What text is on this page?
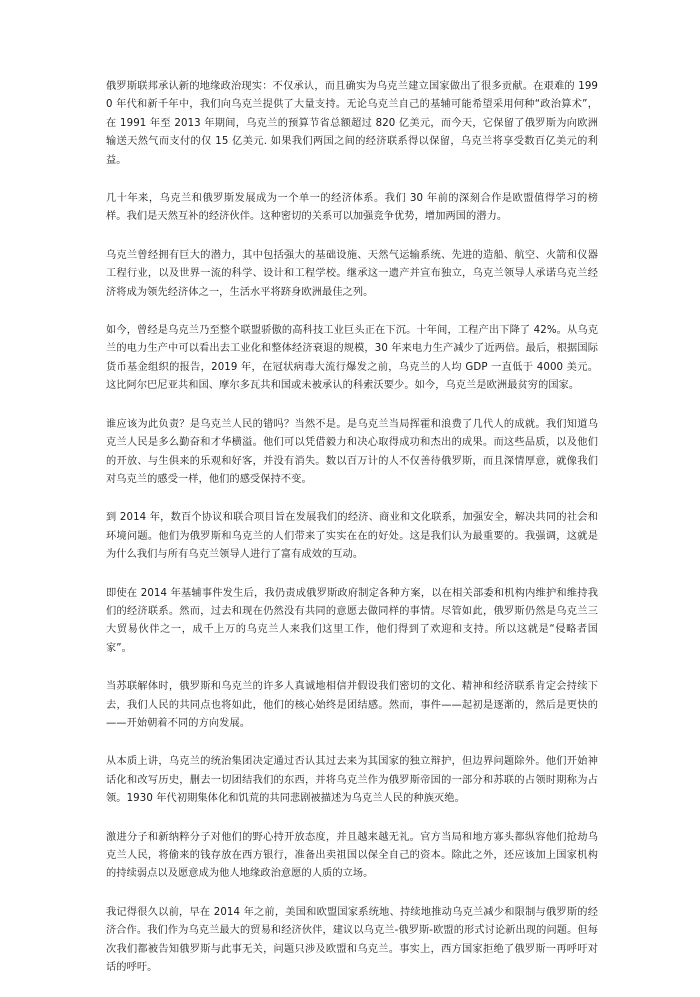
俄罗斯联邦承认新的地缘政治现实：不仅承认，而且确实为乌克兰建立国家做出了很多贡献。在艰难的 1990 年代和新千年中，我们向乌克兰提供了大量支持。无论乌克兰自己的基辅可能希望采用何种“政治算术”，在 1991 年至 2013 年期间，乌克兰的预算节省总额超过 820 亿美元，而今天，它保留了俄罗斯为向欧洲输送天然气而支付的仅 15 亿美元. 如果我们两国之间的经济联系得以保留，乌克兰将享受数百亿美元的利益。

几十年来，乌克兰和俄罗斯发展成为一个单一的经济体系。我们 30 年前的深刻合作是欧盟值得学习的榜样。我们是天然互补的经济伙伴。这种密切的关系可以加强竞争优势，增加两国的潜力。

乌克兰曾经拥有巨大的潜力，其中包括强大的基础设施、天然气运输系统、先进的造船、航空、火箭和仪器工程行业，以及世界一流的科学、设计和工程学校。继承这一遗产并宣布独立，乌克兰领导人承诺乌克兰经济将成为领先经济体之一，生活水平将跻身欧洲最佳之列。

如今，曾经是乌克兰乃至整个联盟骄傲的高科技工业巨头正在下沉。十年间，工程产出下降了 42%。从乌克兰的电力生产中可以看出去工业化和整体经济衰退的规模，30 年来电力生产减少了近两倍。最后，根据国际货币基金组织的报告，2019 年，在冠状病毒大流行爆发之前，乌克兰的人均 GDP 一直低于 4000 美元。这比阿尔巴尼亚共和国、摩尔多瓦共和国或未被承认的科索沃要少。如今，乌克兰是欧洲最贫穷的国家。

谁应该为此负责？是乌克兰人民的错吗？当然不是。是乌克兰当局挥霍和浪费了几代人的成就。我们知道乌克兰人民是多么勤奋和才华横溢。他们可以凭借毅力和决心取得成功和杰出的成果。而这些品质，以及他们的开放、与生俱来的乐观和好客，并没有消失。数以百万计的人不仅善待俄罗斯，而且深情厚意，就像我们对乌克兰的感受一样，他们的感受保持不变。

到 2014 年，数百个协议和联合项目旨在发展我们的经济、商业和文化联系，加强安全，解决共同的社会和环境问题。他们为俄罗斯和乌克兰的人们带来了实实在在的好处。这是我们认为最重要的。我强调，这就是为什么我们与所有乌克兰领导人进行了富有成效的互动。

即使在 2014 年基辅事件发生后，我仍责成俄罗斯政府制定各种方案，以在相关部委和机构内维护和维持我们的经济联系。然而，过去和现在仍然没有共同的意愿去做同样的事情。尽管如此，俄罗斯仍然是乌克兰三大贸易伙伴之一，成千上万的乌克兰人来我们这里工作，他们得到了欢迎和支持。所以这就是“侵略者国家”。

当苏联解体时，俄罗斯和乌克兰的许多人真诚地相信并假设我们密切的文化、精神和经济联系肯定会持续下去，我们人民的共同点也将如此，他们的核心始终是团结感。然而，事件——起初是逐渐的，然后是更快的——开始朝着不同的方向发展。

从本质上讲，乌克兰的统治集团决定通过否认其过去来为其国家的独立辩护，但边界问题除外。他们开始神话化和改写历史，删去一切团结我们的东西，并将乌克兰作为俄罗斯帝国的一部分和苏联的占领时期称为占领。1930 年代初期集体化和饥荒的共同悲剧被描述为乌克兰人民的种族灭绝。

激进分子和新纳粹分子对他们的野心持开放态度，并且越来越无礼。官方当局和地方寡头都纵容他们抢劫乌克兰人民，将偷来的钱存放在西方银行，准备出卖祖国以保全自己的资本。除此之外，还应该加上国家机构的持续弱点以及愿意成为他人地缘政治意愿的人质的立场。

我记得很久以前，早在 2014 年之前，美国和欧盟国家系统地、持续地推动乌克兰减少和限制与俄罗斯的经济合作。我们作为乌克兰最大的贸易和经济伙伴，建议以乌克兰-俄罗斯-欧盟的形式讨论新出现的问题。但每次我们都被告知俄罗斯与此事无关，问题只涉及欧盟和乌克兰。事实上，西方国家拒绝了俄罗斯一再呼吁对话的呼吁。
